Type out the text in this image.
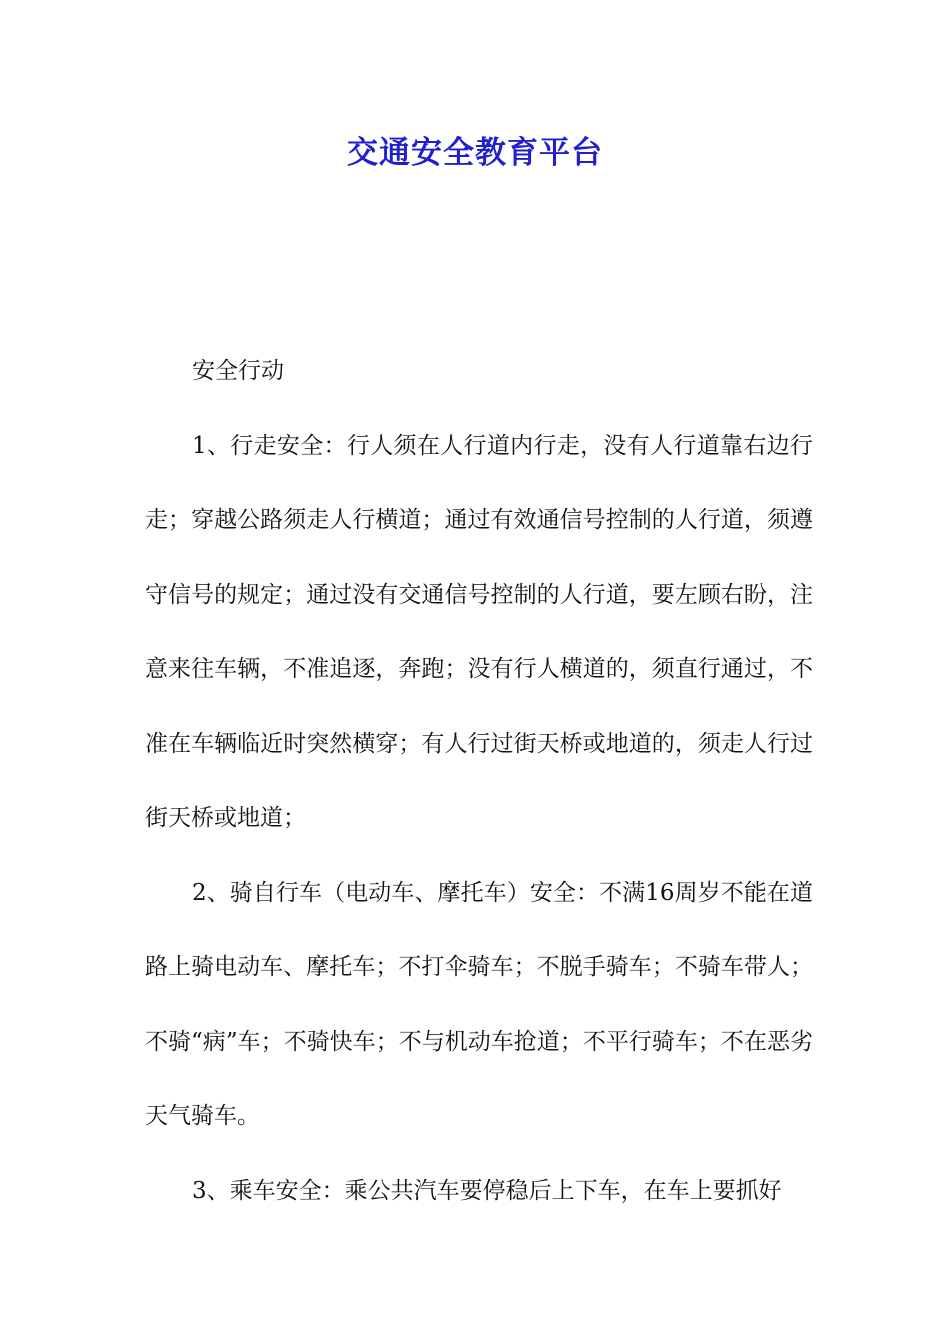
交通安全教育平台

安全行动

1、行走安全：行人须在人行道内行走，没有人行道靠右边行走；穿越公路须走人行横道；通过有效通信号控制的人行道，须遵守信号的规定；通过没有交通信号控制的人行道，要左顾右盼，注意来往车辆，不准追逐，奔跑；没有行人横道的，须直行通过，不准在车辆临近时突然横穿；有人行过街天桥或地道的，须走人行过街天桥或地道；

2、骑自行车（电动车、摩托车）安全：不满16周岁不能在道路上骑电动车、摩托车；不打伞骑车；不脱手骑车；不骑车带人；不骑“病”车；不骑快车；不与机动车抢道；不平行骑车；不在恶劣天气骑车。

3、乘车安全：乘公共汽车要停稳后上下车，在车上要抓好
